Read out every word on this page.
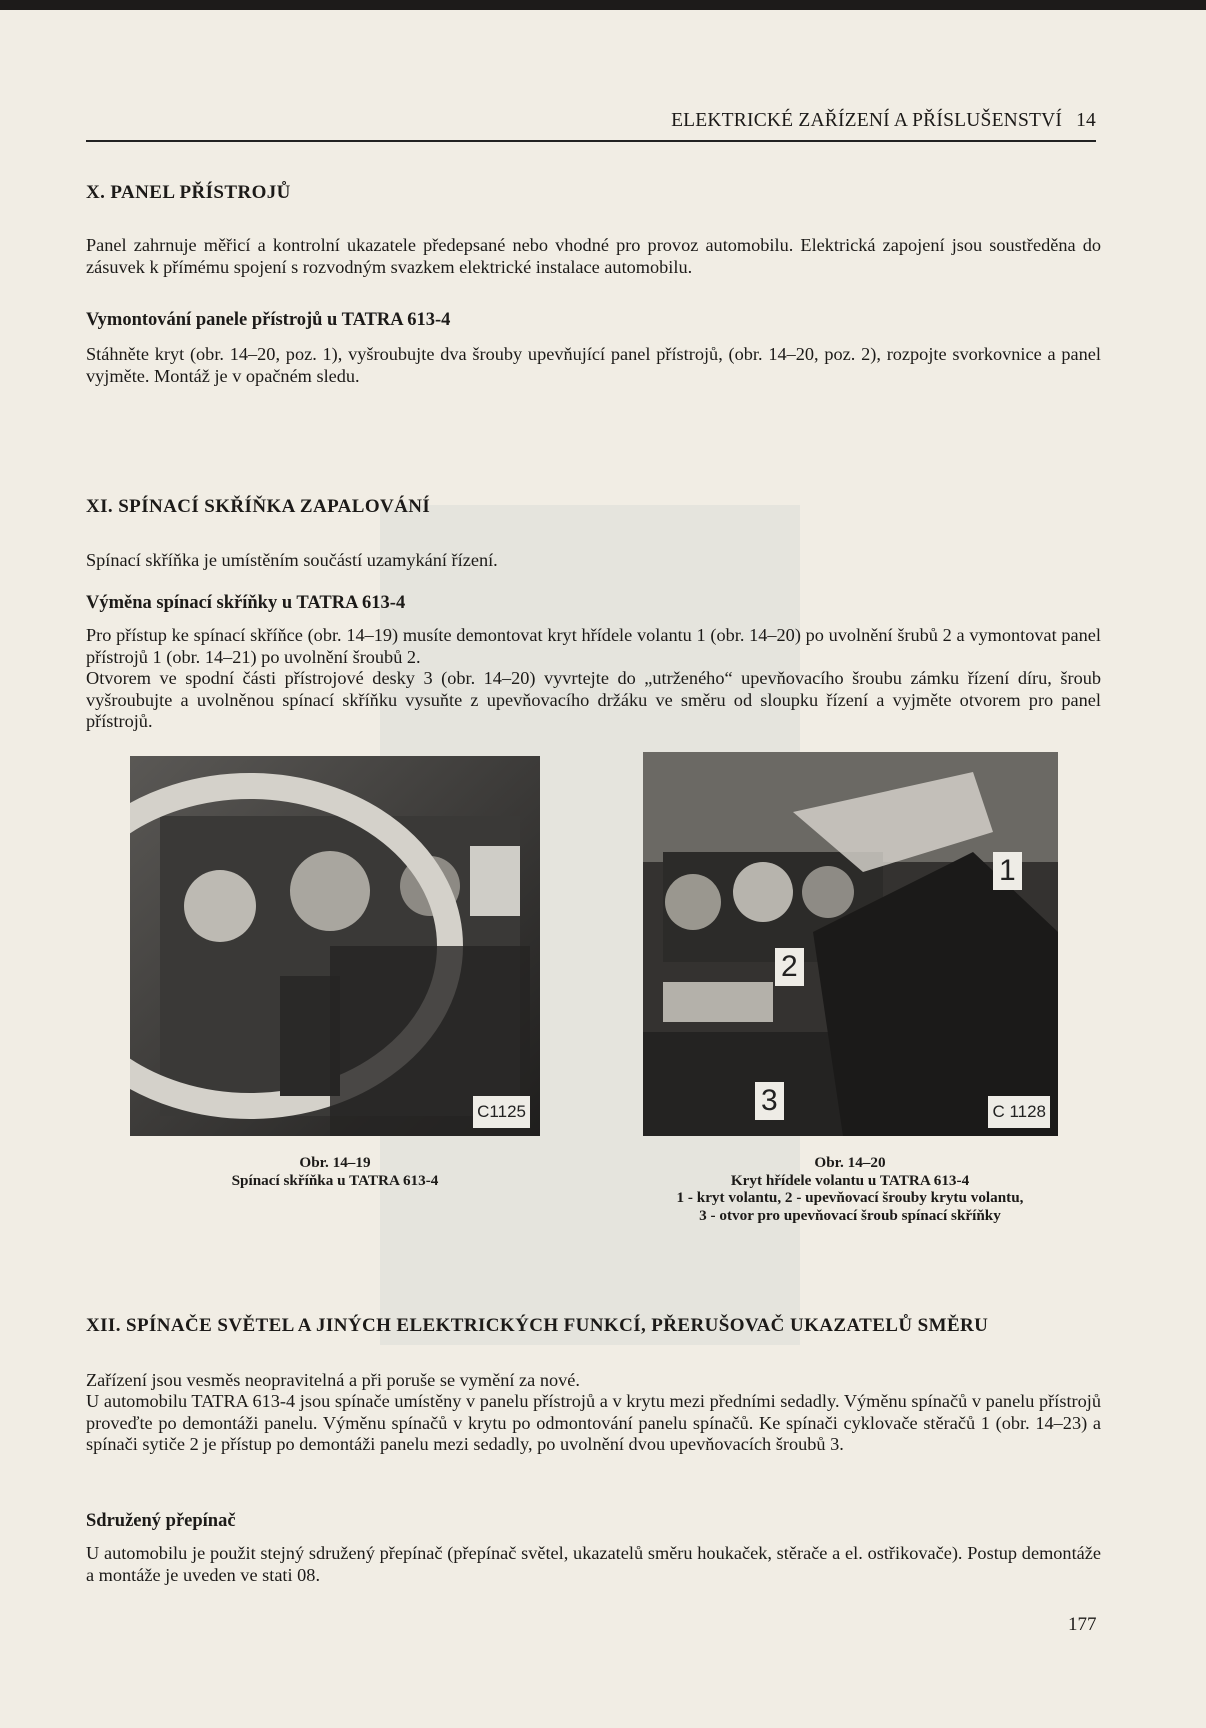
ELEKTRICKÉ ZAŘÍZENÍ A PŘÍSLUŠENSTVÍ 14
X. PANEL PŘÍSTROJŮ
Panel zahrnuje měřicí a kontrolní ukazatele předepsané nebo vhodné pro provoz automobilu. Elektrická zapojení jsou soustředěna do zásuvek k přímému spojení s rozvodným svazkem elektrické instalace automobilu.
Vymontování panele přístrojů u TATRA 613-4
Stáhněte kryt (obr. 14–20, poz. 1), vyšroubujte dva šrouby upevňující panel přístrojů, (obr. 14–20, poz. 2), rozpojte svorkovnice a panel vyjměte. Montáž je v opačném sledu.
XI. SPÍNACÍ SKŘÍŇKA ZAPALOVÁNÍ
Spínací skříňka je umístěním součástí uzamykání řízení.
Výměna spínací skříňky u TATRA 613-4
Pro přístup ke spínací skříňce (obr. 14–19) musíte demontovat kryt hřídele volantu 1 (obr. 14–20) po uvolnění šrubů 2 a vymontovat panel přístrojů 1 (obr. 14–21) po uvolnění šroubů 2.
Otvorem ve spodní části přístrojové desky 3 (obr. 14–20) vyvrtejte do „utrženého“ upevňovacího šroubu zámku řízení díru, šroub vyšroubujte a uvolněnou spínací skříňku vysuňte z upevňovacího držáku ve směru od sloupku řízení a vyjměte otvorem pro panel přístrojů.
C1125
1
2
3	C 1128
Obr. 14–19
Spínací skříňka u TATRA 613-4
Obr. 14–20
Kryt hřídele volantu u TATRA 613-4
1 - kryt volantu, 2 - upevňovací šrouby krytu volantu,
3 - otvor pro upevňovací šroub spínací skříňky
XII. SPÍNAČE SVĚTEL A JINÝCH ELEKTRICKÝCH FUNKCÍ, PŘERUŠOVAČ UKAZATELŮ SMĚRU
Zařízení jsou vesměs neopravitelná a při poruše se vymění za nové.
U automobilu TATRA 613-4 jsou spínače umístěny v panelu přístrojů a v krytu mezi předními sedadly. Výměnu spínačů v panelu přístrojů proveďte po demontáži panelu. Výměnu spínačů v krytu po odmontování panelu spínačů. Ke spínači cyklovače stěračů 1 (obr. 14–23) a spínači sytiče 2 je přístup po demontáži panelu mezi sedadly, po uvolnění dvou upevňovacích šroubů 3.
Sdružený přepínač
U automobilu je použit stejný sdružený přepínač (přepínač světel, ukazatelů směru houkaček, stěrače a el. ostřikovače). Postup demontáže a montáže je uveden ve stati 08.
177
